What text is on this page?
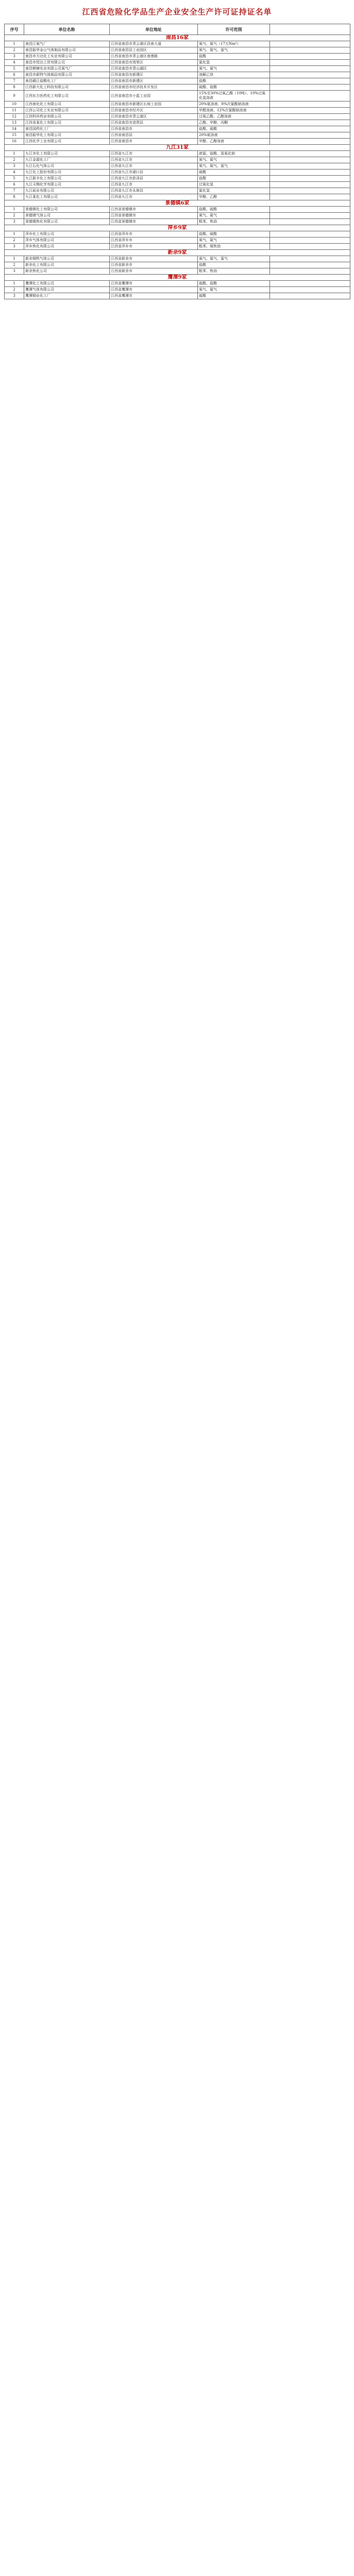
江西省危险化学品生产企业安全生产许可证持证名单
序号	单位名称	单位地址	许可范围	
南昌16家				
1	南昌江氧气厂	江西省南昌市青云谱区昌南大道	氧气、氮气（17万Nm³）	
2	南昌振华金山气体制品有限公司	江西省南昌县工业园区	氧气、氮气、氩气	
3	南昌市方达化工实业有限公司	江西省南昌市青云谱区南莲路	盐酸	
4	南昌市恒达工贸有限公司	江西省南昌市湾里区	氯化氢	
5	南昌柳塘实业有限公司氧气厂	江西省南昌市青山湖区	氧气、氮气	
6	南昌市新特气体制品有限公司	江西省南昌市新建区	溶解乙炔	
7	南昌赣江盐酸化工厂	江西省南昌市新建区	盐酸	
8	江西新大化工科技有限公司	江西省南昌市经济技术开发区	硫酸、盐酸	
9	江西东方医药化工有限公司	江西省南昌市小蓝工业园	15%至30%过氧乙酸（10吨）、10%过氧化氢溶液	
10	江西南化化工有限公司	江西省南昌市新建区长堎工业园	20%氨溶液、8%次氯酸钠溶液	
11	江西公司化工实业有限公司	江西省南昌市经开区	甲醛溶液、12%次氯酸钠溶液	
12	江西科环药业有限公司	江西省南昌市青云谱区	过氧乙酸、乙醇溶液	
13	江西省某化工有限公司	江西省南昌市进贤县	乙醇、甲醇、丙酮	
14	南昌国药化工厂	江西省南昌市	盐酸、硫酸	
15	南昌振华化工有限公司	江西省南昌县	20%氨溶液	
16	江西化学工业有限公司	江西省南昌市	甲醇、乙醇溶液	
九江31家				
1	九江市化工有限公司	江西省九江市	液氯、盐酸、氢氧化钠	
2	九江金源化工厂	江西省九江市	氧气、氮气	
3	九江石化气体公司	江西省九江市	氧气、氮气、氩气	
4	九江化工股份有限公司	江西省九江市湖口县	硫酸	
5	九江新丰化工有限公司	江西省九江市彭泽县	盐酸	
6	九江天赐化学有限公司	江西省九江市	过氧化氢	
7	九江硅业有限公司	江西省九江市永修县	氯化氢	
8	九江某化工有限公司	江西省九江市	甲醇、乙醇	
景德镇6家				
1	景德镇化工有限公司	江西省景德镇市	盐酸、硫酸	
2	景德镇气体公司	江西省景德镇市	氧气、氮气	
3	景德镇焦化有限公司	江西省景德镇市	粗苯、焦油	
萍乡9家				
1	萍乡化工有限公司	江西省萍乡市	盐酸、硫酸	
2	萍乡气体有限公司	江西省萍乡市	氧气、氮气	
3	萍乡焦化有限公司	江西省萍乡市	粗苯、煤焦油	
新余9家				
1	新余钢铁气体公司	江西省新余市	氧气、氮气、氩气	
2	新余化工有限公司	江西省新余市	盐酸	
3	新余焦化公司	江西省新余市	粗苯、焦油	
鹰潭9家				
1	鹰潭化工有限公司	江西省鹰潭市	硫酸、盐酸	
2	鹰潭气体有限公司	江西省鹰潭市	氧气、氮气	
3	鹰潭铜业化工厂	江西省鹰潭市	硫酸	
